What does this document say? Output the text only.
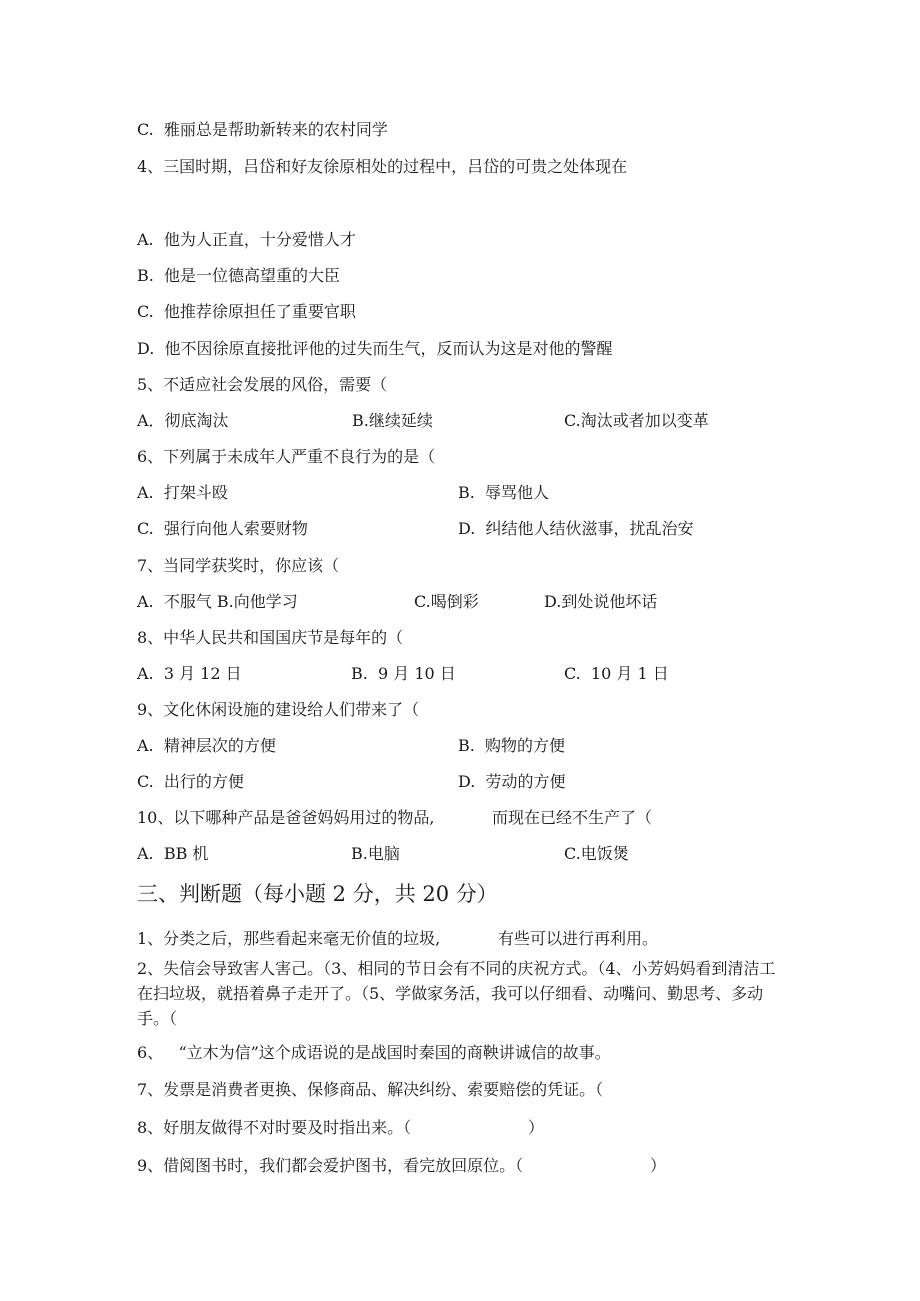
C.  雅丽总是帮助新转来的农村同学
4、三国时期，吕岱和好友徐原相处的过程中，吕岱的可贵之处体现在
A.  他为人正直，十分爱惜人才
B.  他是一位德高望重的大臣
C.  他推荐徐原担任了重要官职
D.  他不因徐原直接批评他的过失而生气，反而认为这是对他的警醒
5、不适应社会发展的风俗，需要（
A．彻底淘汰	B.继续延续	C.淘汰或者加以变革
6、下列属于未成年人严重不良行为的是（
A.  打架斗殴	B.  辱骂他人
C.  强行向他人索要财物	D.  纠结他人结伙滋事，扰乱治安
7、当同学获奖时，你应该（
A.  不服气 B.向他学习	C.喝倒彩	D.到处说他坏话
8、中华人民共和国国庆节是每年的（
A.  3 月 12 日	B.  9 月 10 日	C.  10 月 1 日
9、文化休闲设施的建设给人们带来了（
A.  精神层次的方便	B.  购物的方便
C.  出行的方便	D.  劳动的方便
10、以下哪种产品是爸爸妈妈用过的物品,	而现在已经不生产了（
A.  BB 机	B.电脑	C.电饭煲
三、判断题（每小题 2 分，共 20 分）
1、分类之后，那些看起来毫无价值的垃圾,	有些可以进行再利用。
2、失信会导致害人害己。（3、相同的节日会有不同的庆祝方式。（4、小芳妈妈看到清洁工在扫垃圾，就捂着鼻子走开了。（5、学做家务活，我可以仔细看、动嘴问、勤思考、多动手。（
6、   “立木为信”这个成语说的是战国时秦国的商鞅讲诚信的故事。
7、发票是消费者更换、保修商品、解决纠纷、索要赔偿的凭证。（
8、好朋友做得不对时要及时指出来。（	）
9、借阅图书时，我们都会爱护图书，看完放回原位。（	）
